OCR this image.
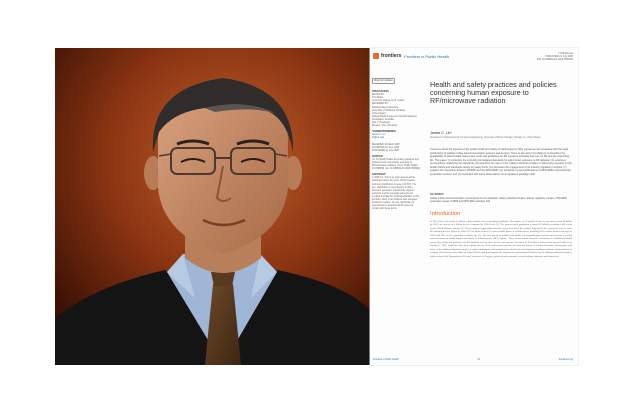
frontiers Frontiers in Public Health	TYPE Review
PUBLISHED 21 July 2025
DOI 10.3389/fpubh.2025.1595092
Check for updates
OPEN ACCESS
EDITED BY
Tom Butler,
University College Cork, Ireland
REVIEWED BY
Eduardo Reyes-Mendoza,
University of California, Berkeley,
United States
Oleksiy Radio Frequency Scientific Advisory
Association, Australia
Dan V. Hoodinger,
Monash, Ohio, Romania
*CORRESPONDENCE
James C. Lin
lin@uic.edu
RECEIVED 18 March 2025
ACCEPTED 18 June 2025
PUBLISHED 21 July 2025
CITATION
Lin JC (2025) Health and safety practices and policies concerning human exposure to RF/microwave radiation. Front. Public Health 13:1595092. doi: 10.3389/fpubh.2025.1595092
COPYRIGHT
© 2025 Lin. This is an open-access article distributed under the terms of the Creative Commons Attribution License (CC BY). The use, distribution or reproduction in other forums is permitted, provided the original author(s) and the copyright owner(s) are credited and that the original publication in this journal is cited, in accordance with accepted academic practice. No use, distribution or reproduction is permitted which does not comply with these terms.
Health and safety practices and policies concerning human exposure to RF/microwave radiation
James C. Lin*
Department of Electrical and Computer Engineering, University of Illinois Chicago, Chicago, IL, United States
Concerns about the impacts on the public health and safety of radiofrequency (RF) exposures are increasing with the rapid proliferation of cellular mobile telecommunication systems and devices. There is also lack of confidence surrounding the applicability of stated health safety rules, limits and guidelines for RF exposure including their use for 5G and the impending 6G. This paper: (i) considers the currently promulgated standards for safe human exposure to RF radiation; (ii) examines presumptions underlying the standards; (iii) describes the roles of the military-industrial complex in influencing research on the health effects and standards setting for safety limits; (iv) discusses the engagement of an industry regulatory complex; (v) explains the interaction between ICNIRP and the WHO-EMF; (vi) scrutinizes recent publications of WHO-EMF commissioned systematic reviews; and (7) concludes with some observations on an apparent paradigm shift.
KEYWORDS
cellular mobile telecommunication, presumptions for the standards, military-industrial complex, industry regulatory complex, WHO-EMF systematic reviews, ICNIRP and WHO-EMF, paradigm shift
Introduction
In 2015, there were nearly 11 billion cellular mobile devices operating worldwide. The number of 5G mobile devices is expected to reach 10 billion by 2025, an increase of a billion devices compared to 2020 levels (1). The current world population is about 8.2 billion according to the recent count. United Nations estimates (2). These numbers suggest that currently each person above the world is subjected to the exposures of two or more RF radiating devices. Likewise, about 97% of adults in the U.S. own a mobile phone or cellular device including 90% of those between the ages of 18-29 and 98% of the population reaching age (3). The fast spread of cellular and mobile telecommunication devices and systems is raising concerns about the health impacts and safety of radiofrequency (RF) exposure. There is also unease about the effectiveness of publicized health safety rules, limits and guidelines for RF radiation used by these devices and systems. President D. Eisenhower delivered his farewell address on January 17, 1961, which has since been regarded as one of the most famous speeches in American history. It warned Americans, among other vital items, of the military-industrial complex, a cabal of individuals and institutions involved in the development of military hardware and production of weapons. Eisenhower warned that the United States must guard against the attainment of unwarranted influence by the military-industrial complex, which included the Department of Defense, members of Congress, privately and corporately owned military industries and contractors.
Frontiers in Public Health	01	frontiersin.org
